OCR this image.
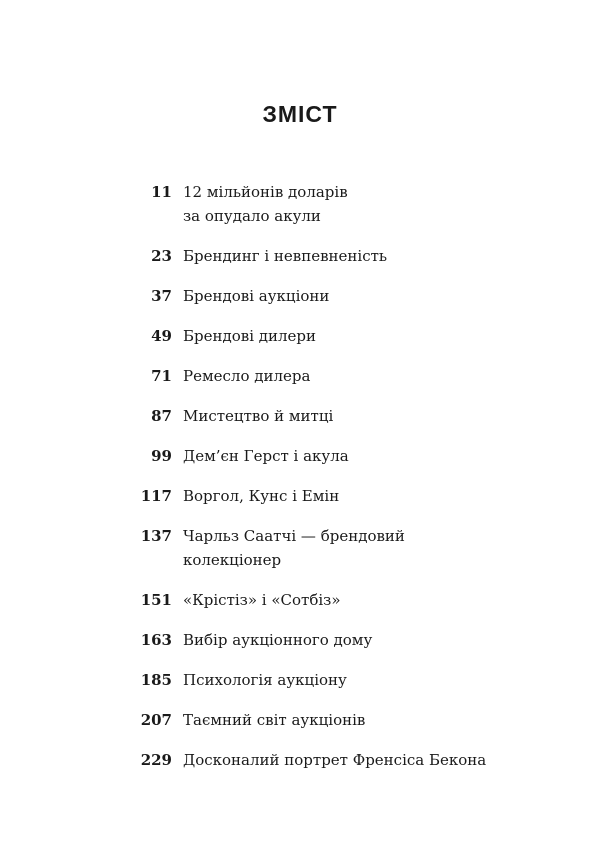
ЗМІСТ
11 12 мільйонів доларів
за опудало акули
23 Брендинг і невпевненість
37 Брендові аукціони
49 Брендові дилери
71 Ремесло дилера
87 Мистецтво й митці
99 Дем’єн Герст і акула
117 Воргол, Кунс і Емін
137 Чарльз Саатчі — брендовий
колекціонер
151 «Крістіз» і «Сотбіз»
163 Вибір аукціонного дому
185 Психологія аукціону
207 Таємний світ аукціонів
229 Досконалий портрет Френсіса Бекона
